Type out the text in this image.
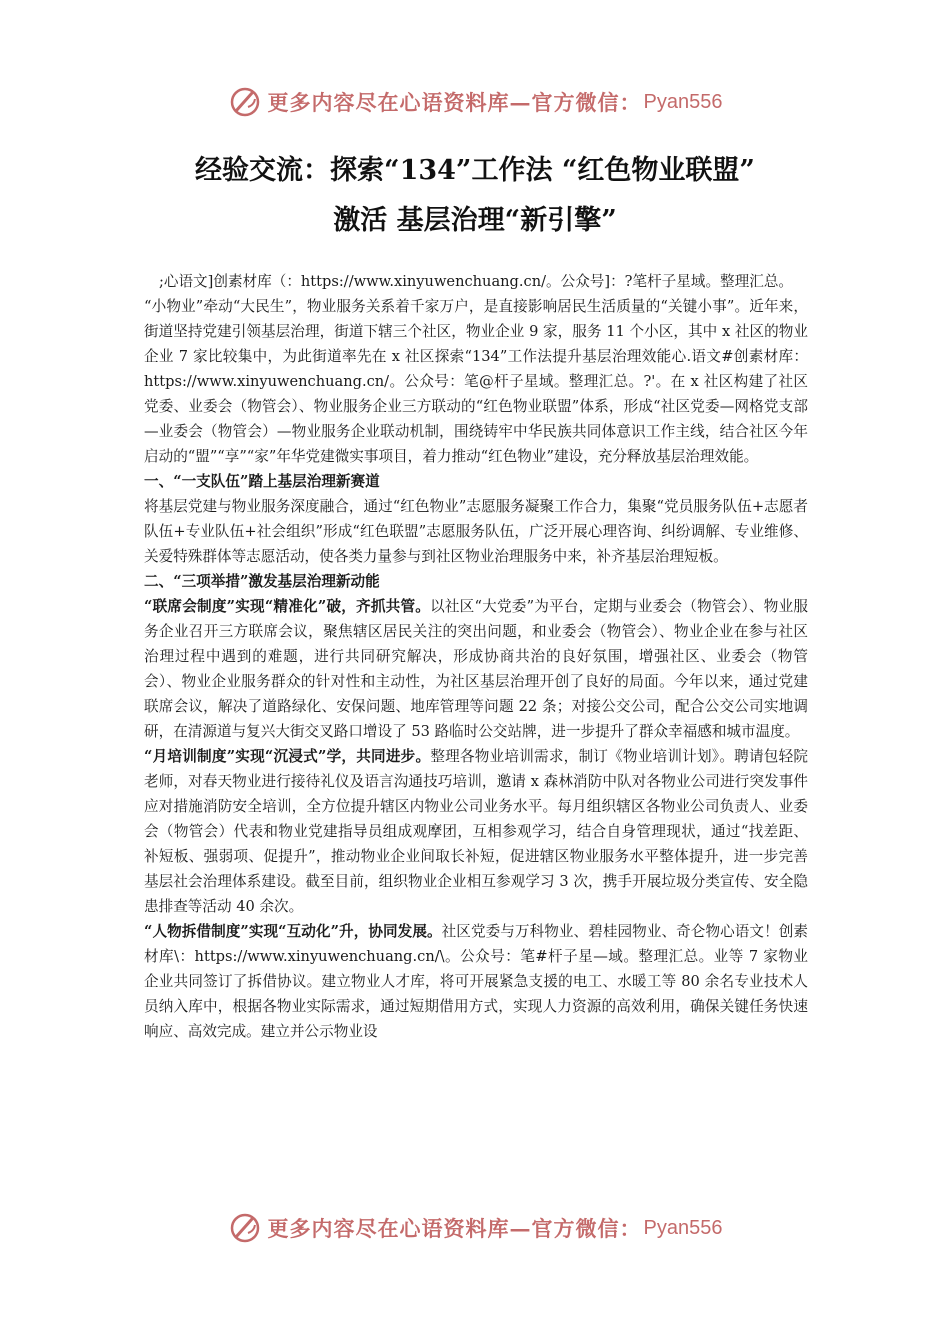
更多内容尽在心语资料库—官方微信： Pyan556
经验交流：探索“134”工作法 “红色物业联盟”
激活 基层治理“新引擎”

;心语文]创素材库（：https://www.xinyuwenchuang.cn/。公众号]：?笔杆子星域。整理汇总。

“小物业”牵动“大民生”，物业服务关系着千家万户，是直接影响居民生活质量的“关键小事”。近年来，街道坚持党建引领基层治理，街道下辖三个社区，物业企业 9 家，服务 11 个小区，其中 x 社区的物业企业 7 家比较集中，为此街道率先在 x 社区探索“134”工作法提升基层治理效能心.语文#创素材库：https://www.xinyuwenchuang.cn/。公众号：笔@杆子星域。整理汇总。?'。在 x 社区构建了社区党委、业委会（物管会）、物业服务企业三方联动的“红色物业联盟”体系，形成“社区党委—网格党支部—业委会（物管会）—物业服务企业联动机制，围绕铸牢中华民族共同体意识工作主线，结合社区今年启动的“盟”“享”“家”年华党建微实事项目，着力推动“红色物业”建设，充分释放基层治理效能。

一、“一支队伍”踏上基层治理新赛道

将基层党建与物业服务深度融合，通过“红色物业”志愿服务凝聚工作合力，集聚“党员服务队伍+志愿者队伍+专业队伍+社会组织”形成“红色联盟”志愿服务队伍，广泛开展心理咨询、纠纷调解、专业维修、关爱特殊群体等志愿活动，使各类力量参与到社区物业治理服务中来，补齐基层治理短板。

二、“三项举措”激发基层治理新动能

“联席会制度”实现“精准化”破，齐抓共管。以社区“大党委”为平台，定期与业委会（物管会）、物业服务企业召开三方联席会议，聚焦辖区居民关注的突出问题，和业委会（物管会）、物业企业在参与社区治理过程中遇到的难题，进行共同研究解决，形成协商共治的良好氛围，增强社区、业委会（物管会）、物业企业服务群众的针对性和主动性，为社区基层治理开创了良好的局面。今年以来，通过党建联席会议，解决了道路绿化、安保问题、地库管理等问题 22 条；对接公交公司，配合公交公司实地调研，在清源道与复兴大街交叉路口增设了 53 路临时公交站牌，进一步提升了群众幸福感和城市温度。

“月培训制度”实现“沉浸式”学，共同进步。整理各物业培训需求，制订《物业培训计划》。聘请包轻院老师，对春天物业进行接待礼仪及语言沟通技巧培训，邀请 x 森林消防中队对各物业公司进行突发事件应对措施消防安全培训，全方位提升辖区内物业公司业务水平。每月组织辖区各物业公司负责人、业委会（物管会）代表和物业党建指导员组成观摩团，互相参观学习，结合自身管理现状，通过“找差距、补短板、强弱项、促提升”，推动物业企业间取长补短，促进辖区物业服务水平整体提升，进一步完善基层社会治理体系建设。截至目前，组织物业企业相互参观学习 3 次，携手开展垃圾分类宣传、安全隐患排查等活动 40 余次。

“人物拆借制度”实现“互动化”升，协同发展。社区党委与万科物业、碧桂园物业、奇仑物心语文！创素材库\：https://www.xinyuwenchuang.cn/\。公众号：笔#杆子星—域。整理汇总。业等 7 家物业企业共同签订了拆借协议。建立物业人才库，将可开展紧急支援的电工、水暖工等 80 余名专业技术人员纳入库中，根据各物业实际需求，通过短期借用方式，实现人力资源的高效利用，确保关键任务快速响应、高效完成。建立并公示物业设

更多内容尽在心语资料库—官方微信： Pyan556
